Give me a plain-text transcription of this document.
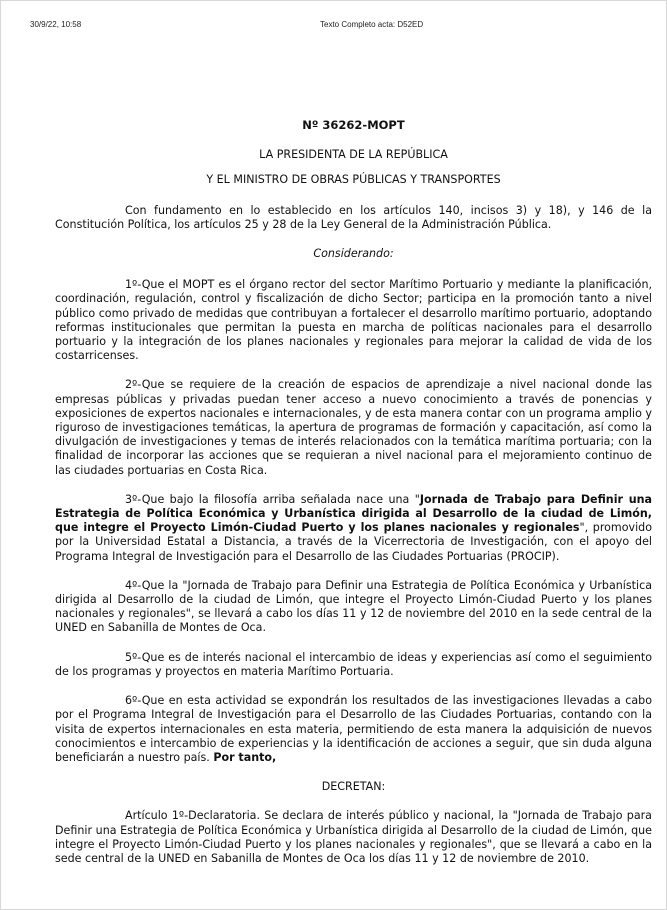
30/9/22, 10:58	Texto Completo acta: D52ED

Nº 36262-MOPT

LA PRESIDENTA DE LA REPÚBLICA

Y EL MINISTRO DE OBRAS PÚBLICAS Y TRANSPORTES

Con fundamento en lo establecido en los artículos 140, incisos 3) y 18), y 146 de la Constitución Política, los artículos 25 y 28 de la Ley General de la Administración Pública.

Considerando:

1º-Que el MOPT es el órgano rector del sector Marítimo Portuario y mediante la planificación, coordinación, regulación, control y fiscalización de dicho Sector; participa en la promoción tanto a nivel público como privado de medidas que contribuyan a fortalecer el desarrollo marítimo portuario, adoptando reformas institucionales que permitan la puesta en marcha de políticas nacionales para el desarrollo portuario y la integración de los planes nacionales y regionales para mejorar la calidad de vida de los costarricenses.

2º-Que se requiere de la creación de espacios de aprendizaje a nivel nacional donde las empresas públicas y privadas puedan tener acceso a nuevo conocimiento a través de ponencias y exposiciones de expertos nacionales e internacionales, y de esta manera contar con un programa amplio y riguroso de investigaciones temáticas, la apertura de programas de formación y capacitación, así como la divulgación de investigaciones y temas de interés relacionados con la temática marítima portuaria; con la finalidad de incorporar las acciones que se requieran a nivel nacional para el mejoramiento continuo de las ciudades portuarias en Costa Rica.

3º-Que bajo la filosofía arriba señalada nace una "Jornada de Trabajo para Definir una Estrategia de Política Económica y Urbanística dirigida al Desarrollo de la ciudad de Limón, que integre el Proyecto Limón-Ciudad Puerto y los planes nacionales y regionales", promovido por la Universidad Estatal a Distancia, a través de la Vicerrectoria de Investigación, con el apoyo del Programa Integral de Investigación para el Desarrollo de las Ciudades Portuarias (PROCIP).

4º-Que la "Jornada de Trabajo para Definir una Estrategia de Política Económica y Urbanística dirigida al Desarrollo de la ciudad de Limón, que integre el Proyecto Limón-Ciudad Puerto y los planes nacionales y regionales", se llevará a cabo los días 11 y 12 de noviembre del 2010 en la sede central de la UNED en Sabanilla de Montes de Oca.

5º-Que es de interés nacional el intercambio de ideas y experiencias así como el seguimiento de los programas y proyectos en materia Marítimo Portuaria.

6º-Que en esta actividad se expondrán los resultados de las investigaciones llevadas a cabo por el Programa Integral de Investigación para el Desarrollo de las Ciudades Portuarias, contando con la visita de expertos internacionales en esta materia, permitiendo de esta manera la adquisición de nuevos conocimientos e intercambio de experiencias y la identificación de acciones a seguir, que sin duda alguna beneficiarán a nuestro país. Por tanto,

DECRETAN:

Artículo 1º-Declaratoria. Se declara de interés público y nacional, la "Jornada de Trabajo para Definir una Estrategia de Política Económica y Urbanística dirigida al Desarrollo de la ciudad de Limón, que integre el Proyecto Limón-Ciudad Puerto y los planes nacionales y regionales", que se llevará a cabo en la sede central de la UNED en Sabanilla de Montes de Oca los días 11 y 12 de noviembre de 2010.
